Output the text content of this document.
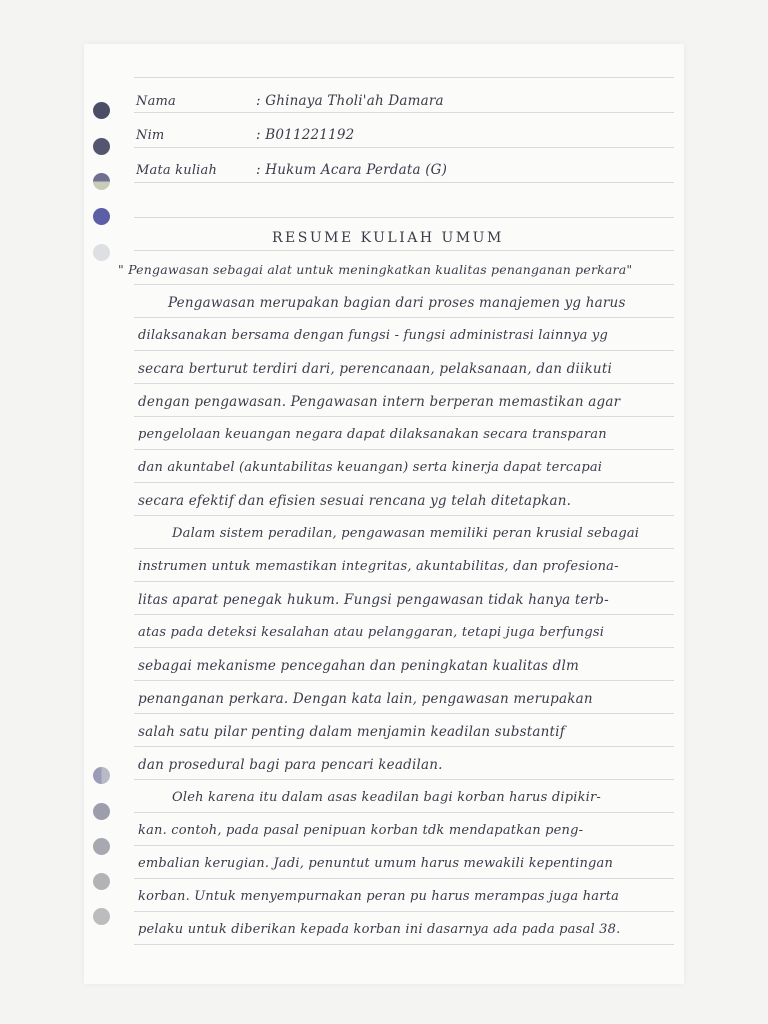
Nama	: Ghinaya Tholi'ah Damara
Nim	: B011221192
Mata kuliah	: Hukum Acara Perdata (G)
RESUME KULIAH UMUM
" Pengawasan sebagai alat untuk meningkatkan kualitas penanganan perkara"
Pengawasan merupakan bagian dari proses manajemen yg harus
dilaksanakan bersama dengan fungsi - fungsi administrasi lainnya yg
secara berturut terdiri dari, perencanaan, pelaksanaan, dan diikuti
dengan pengawasan. Pengawasan intern berperan memastikan agar
pengelolaan keuangan negara dapat dilaksanakan secara transparan
dan akuntabel (akuntabilitas keuangan) serta kinerja dapat tercapai
secara efektif dan efisien sesuai rencana yg telah ditetapkan.
Dalam sistem peradilan, pengawasan memiliki peran krusial sebagai
instrumen untuk memastikan integritas, akuntabilitas, dan profesiona-
litas aparat penegak hukum. Fungsi pengawasan tidak hanya terb-
atas pada deteksi kesalahan atau pelanggaran, tetapi juga berfungsi
sebagai mekanisme pencegahan dan peningkatan kualitas dlm
penanganan perkara. Dengan kata lain, pengawasan merupakan
salah satu pilar penting dalam menjamin keadilan substantif
dan prosedural bagi para pencari keadilan.
Oleh karena itu dalam asas keadilan bagi korban harus dipikir-
kan. contoh, pada pasal penipuan korban tdk mendapatkan peng-
embalian kerugian. Jadi, penuntut umum harus mewakili kepentingan
korban. Untuk menyempurnakan peran pu harus merampas juga harta
pelaku untuk diberikan kepada korban ini dasarnya ada pada pasal 38.
